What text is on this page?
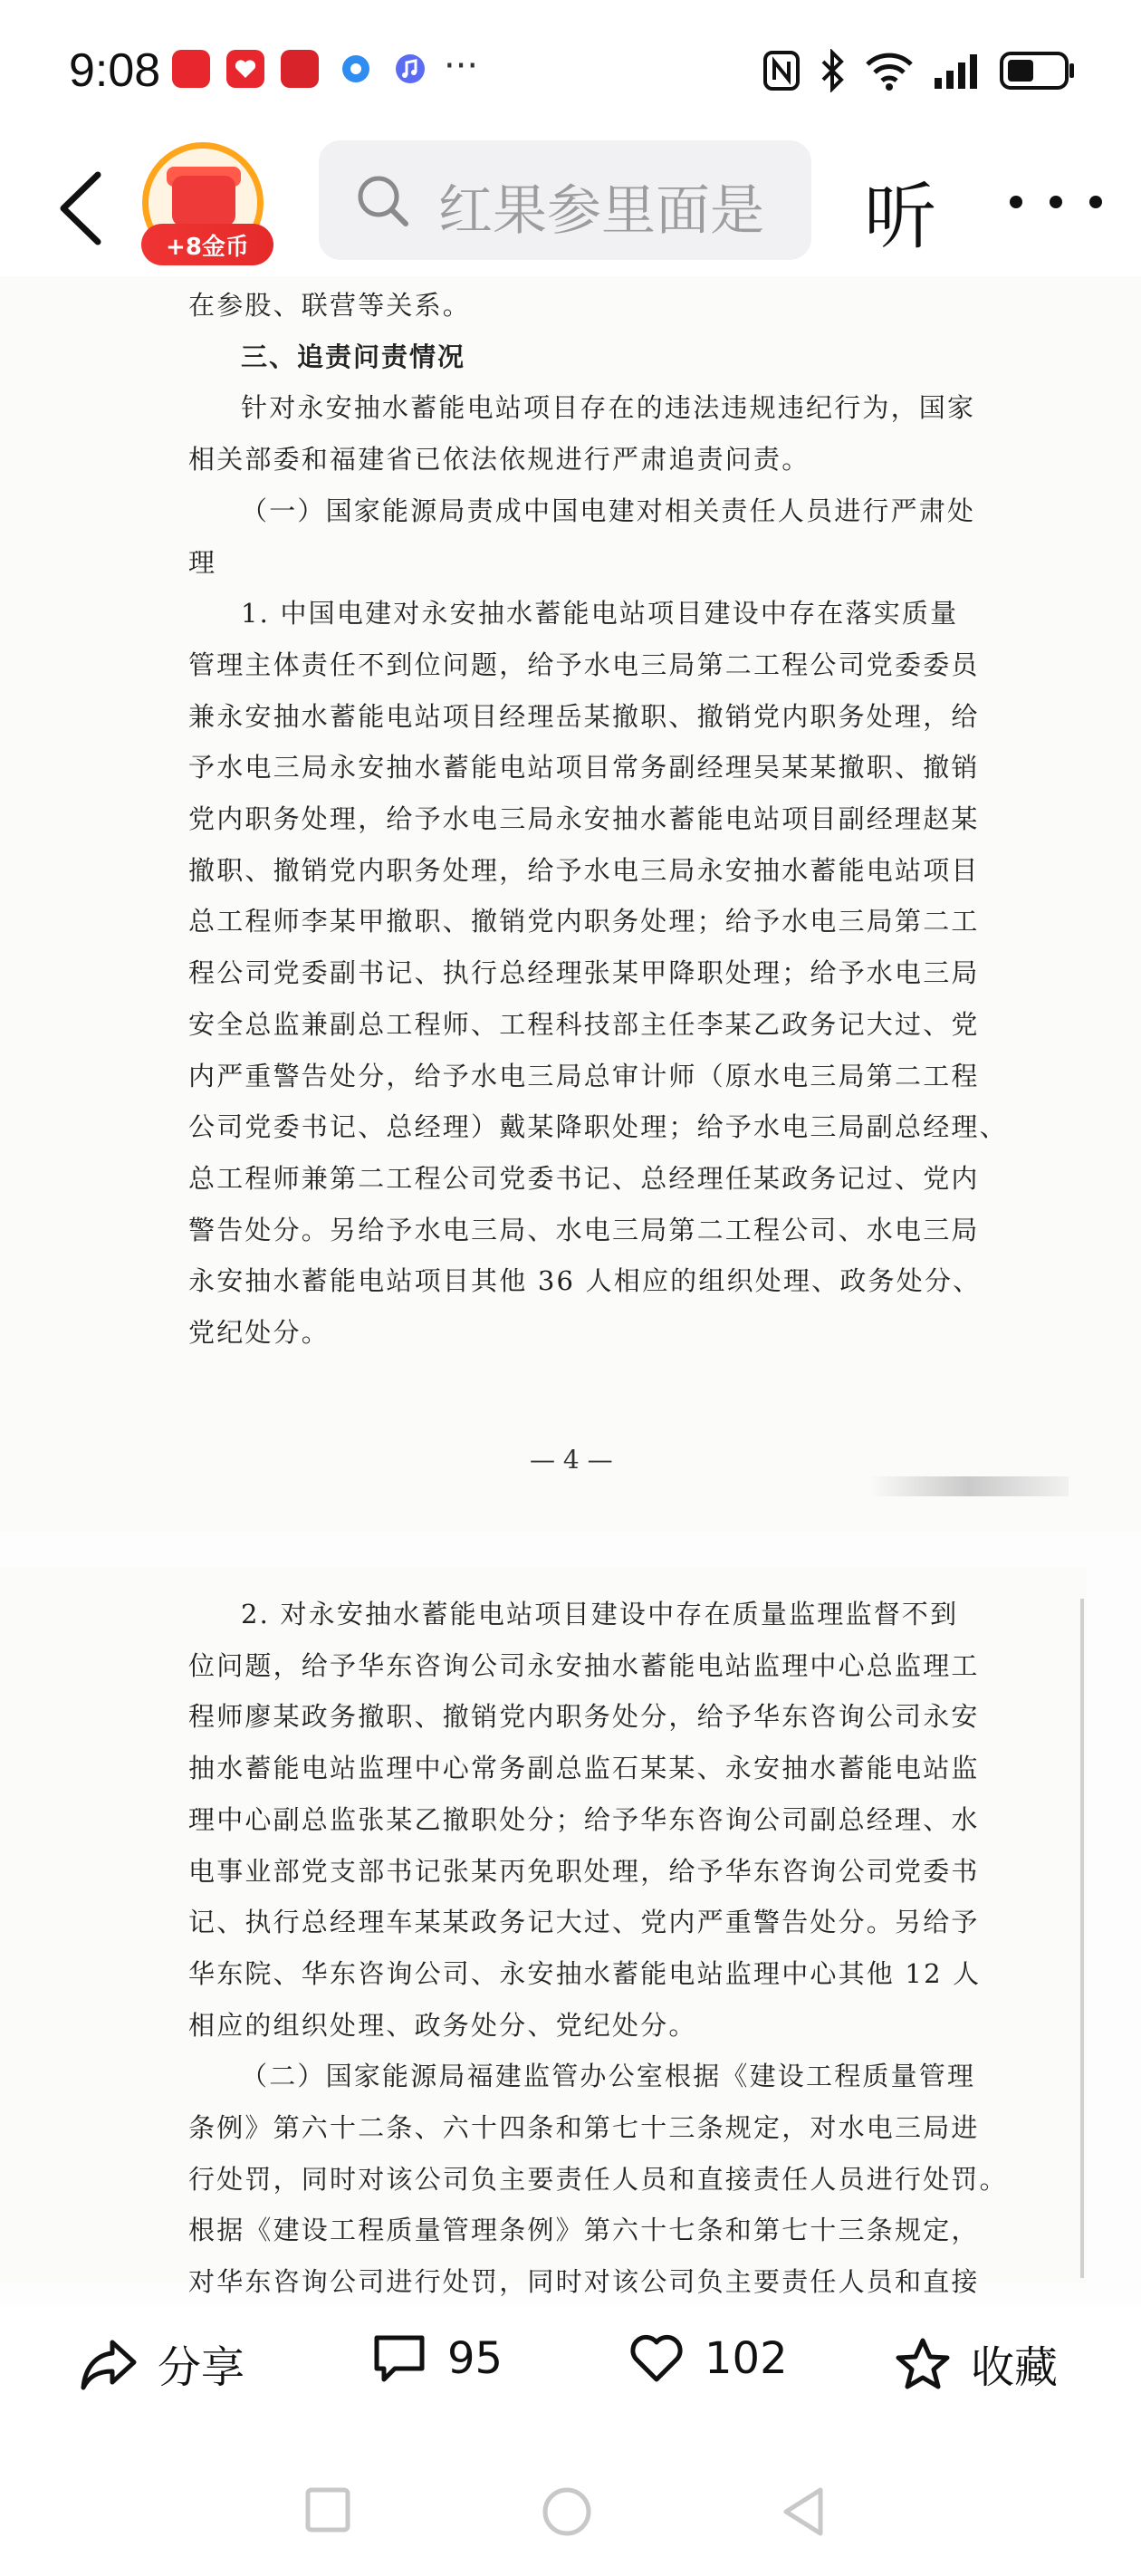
9:08	···
+8金币
红果参里面是	听
在参股、联营等关系。
三、追责问责情况
针对永安抽水蓄能电站项目存在的违法违规违纪行为，国家
相关部委和福建省已依法依规进行严肃追责问责。
（一）国家能源局责成中国电建对相关责任人员进行严肃处
理
1. 中国电建对永安抽水蓄能电站项目建设中存在落实质量
管理主体责任不到位问题，给予水电三局第二工程公司党委委员
兼永安抽水蓄能电站项目经理岳某撤职、撤销党内职务处理，给
予水电三局永安抽水蓄能电站项目常务副经理吴某某撤职、撤销
党内职务处理，给予水电三局永安抽水蓄能电站项目副经理赵某
撤职、撤销党内职务处理，给予水电三局永安抽水蓄能电站项目
总工程师李某甲撤职、撤销党内职务处理；给予水电三局第二工
程公司党委副书记、执行总经理张某甲降职处理；给予水电三局
安全总监兼副总工程师、工程科技部主任李某乙政务记大过、党
内严重警告处分，给予水电三局总审计师（原水电三局第二工程
公司党委书记、总经理）戴某降职处理；给予水电三局副总经理、
总工程师兼第二工程公司党委书记、总经理任某政务记过、党内
警告处分。另给予水电三局、水电三局第二工程公司、水电三局
永安抽水蓄能电站项目其他 36 人相应的组织处理、政务处分、
党纪处分。
— 4 —
2. 对永安抽水蓄能电站项目建设中存在质量监理监督不到
位问题，给予华东咨询公司永安抽水蓄能电站监理中心总监理工
程师廖某政务撤职、撤销党内职务处分，给予华东咨询公司永安
抽水蓄能电站监理中心常务副总监石某某、永安抽水蓄能电站监
理中心副总监张某乙撤职处分；给予华东咨询公司副总经理、水
电事业部党支部书记张某丙免职处理，给予华东咨询公司党委书
记、执行总经理车某某政务记大过、党内严重警告处分。另给予
华东院、华东咨询公司、永安抽水蓄能电站监理中心其他 12 人
相应的组织处理、政务处分、党纪处分。
（二）国家能源局福建监管办公室根据《建设工程质量管理
条例》第六十二条、六十四条和第七十三条规定，对水电三局进
行处罚，同时对该公司负主要责任人员和直接责任人员进行处罚。
根据《建设工程质量管理条例》第六十七条和第七十三条规定，
对华东咨询公司进行处罚，同时对该公司负主要责任人员和直接
分享	95	102	收藏
